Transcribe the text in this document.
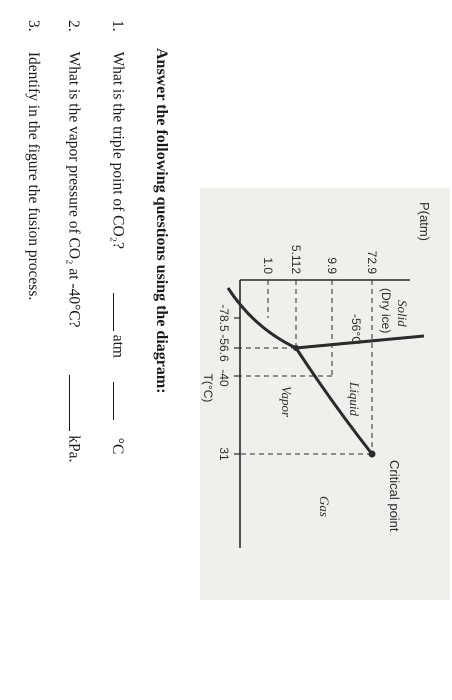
P(atm)
72.9
9.9
5.112
1.0
-78.5
-56.6
-40
31
T(°C)
Solid
(Dry ice)
-56°C
Liquid
Critical point
Gas
Vapor
Answer the following questions using the diagram:
1. What is the triple point of CO₂?  atm  °C
2. What is the vapor pressure of CO₂ at -40°C?  kPa.
3. Identify in the figure the fusion process.
